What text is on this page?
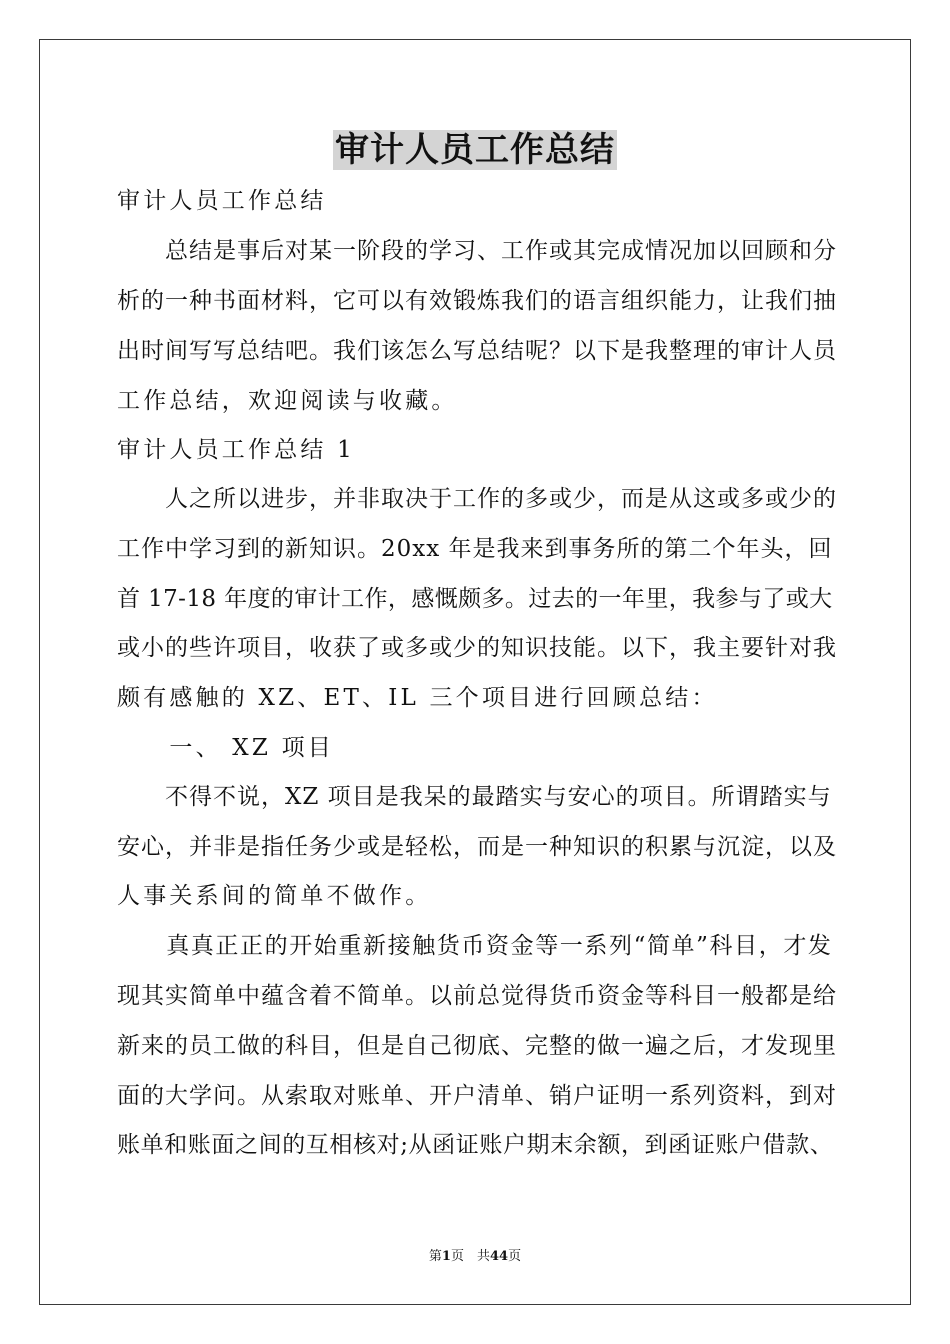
审计人员工作总结
审计人员工作总结
　　总结是事后对某一阶段的学习、工作或其完成情况加以回顾和分
析的一种书面材料，它可以有效锻炼我们的语言组织能力，让我们抽
出时间写写总结吧。我们该怎么写总结呢？以下是我整理的审计人员
工作总结，欢迎阅读与收藏。
审计人员工作总结 1
　　人之所以进步，并非取决于工作的多或少，而是从这或多或少的
工作中学习到的新知识。20xx 年是我来到事务所的第二个年头，回
首 17-18 年度的审计工作，感慨颇多。过去的一年里，我参与了或大
或小的些许项目，收获了或多或少的知识技能。以下，我主要针对我
颇有感触的 XZ、ET、IL 三个项目进行回顾总结：
　　一、 XZ 项目
　　不得不说，XZ 项目是我呆的最踏实与安心的项目。所谓踏实与
安心，并非是指任务少或是轻松，而是一种知识的积累与沉淀，以及
人事关系间的简单不做作。
　　真真正正的开始重新接触货币资金等一系列“简单”科目，才发
现其实简单中蕴含着不简单。以前总觉得货币资金等科目一般都是给
新来的员工做的科目，但是自己彻底、完整的做一遍之后，才发现里
面的大学问。从索取对账单、开户清单、销户证明一系列资料，到对
账单和账面之间的互相核对;从函证账户期末余额，到函证账户借款、
第1页　共44页
